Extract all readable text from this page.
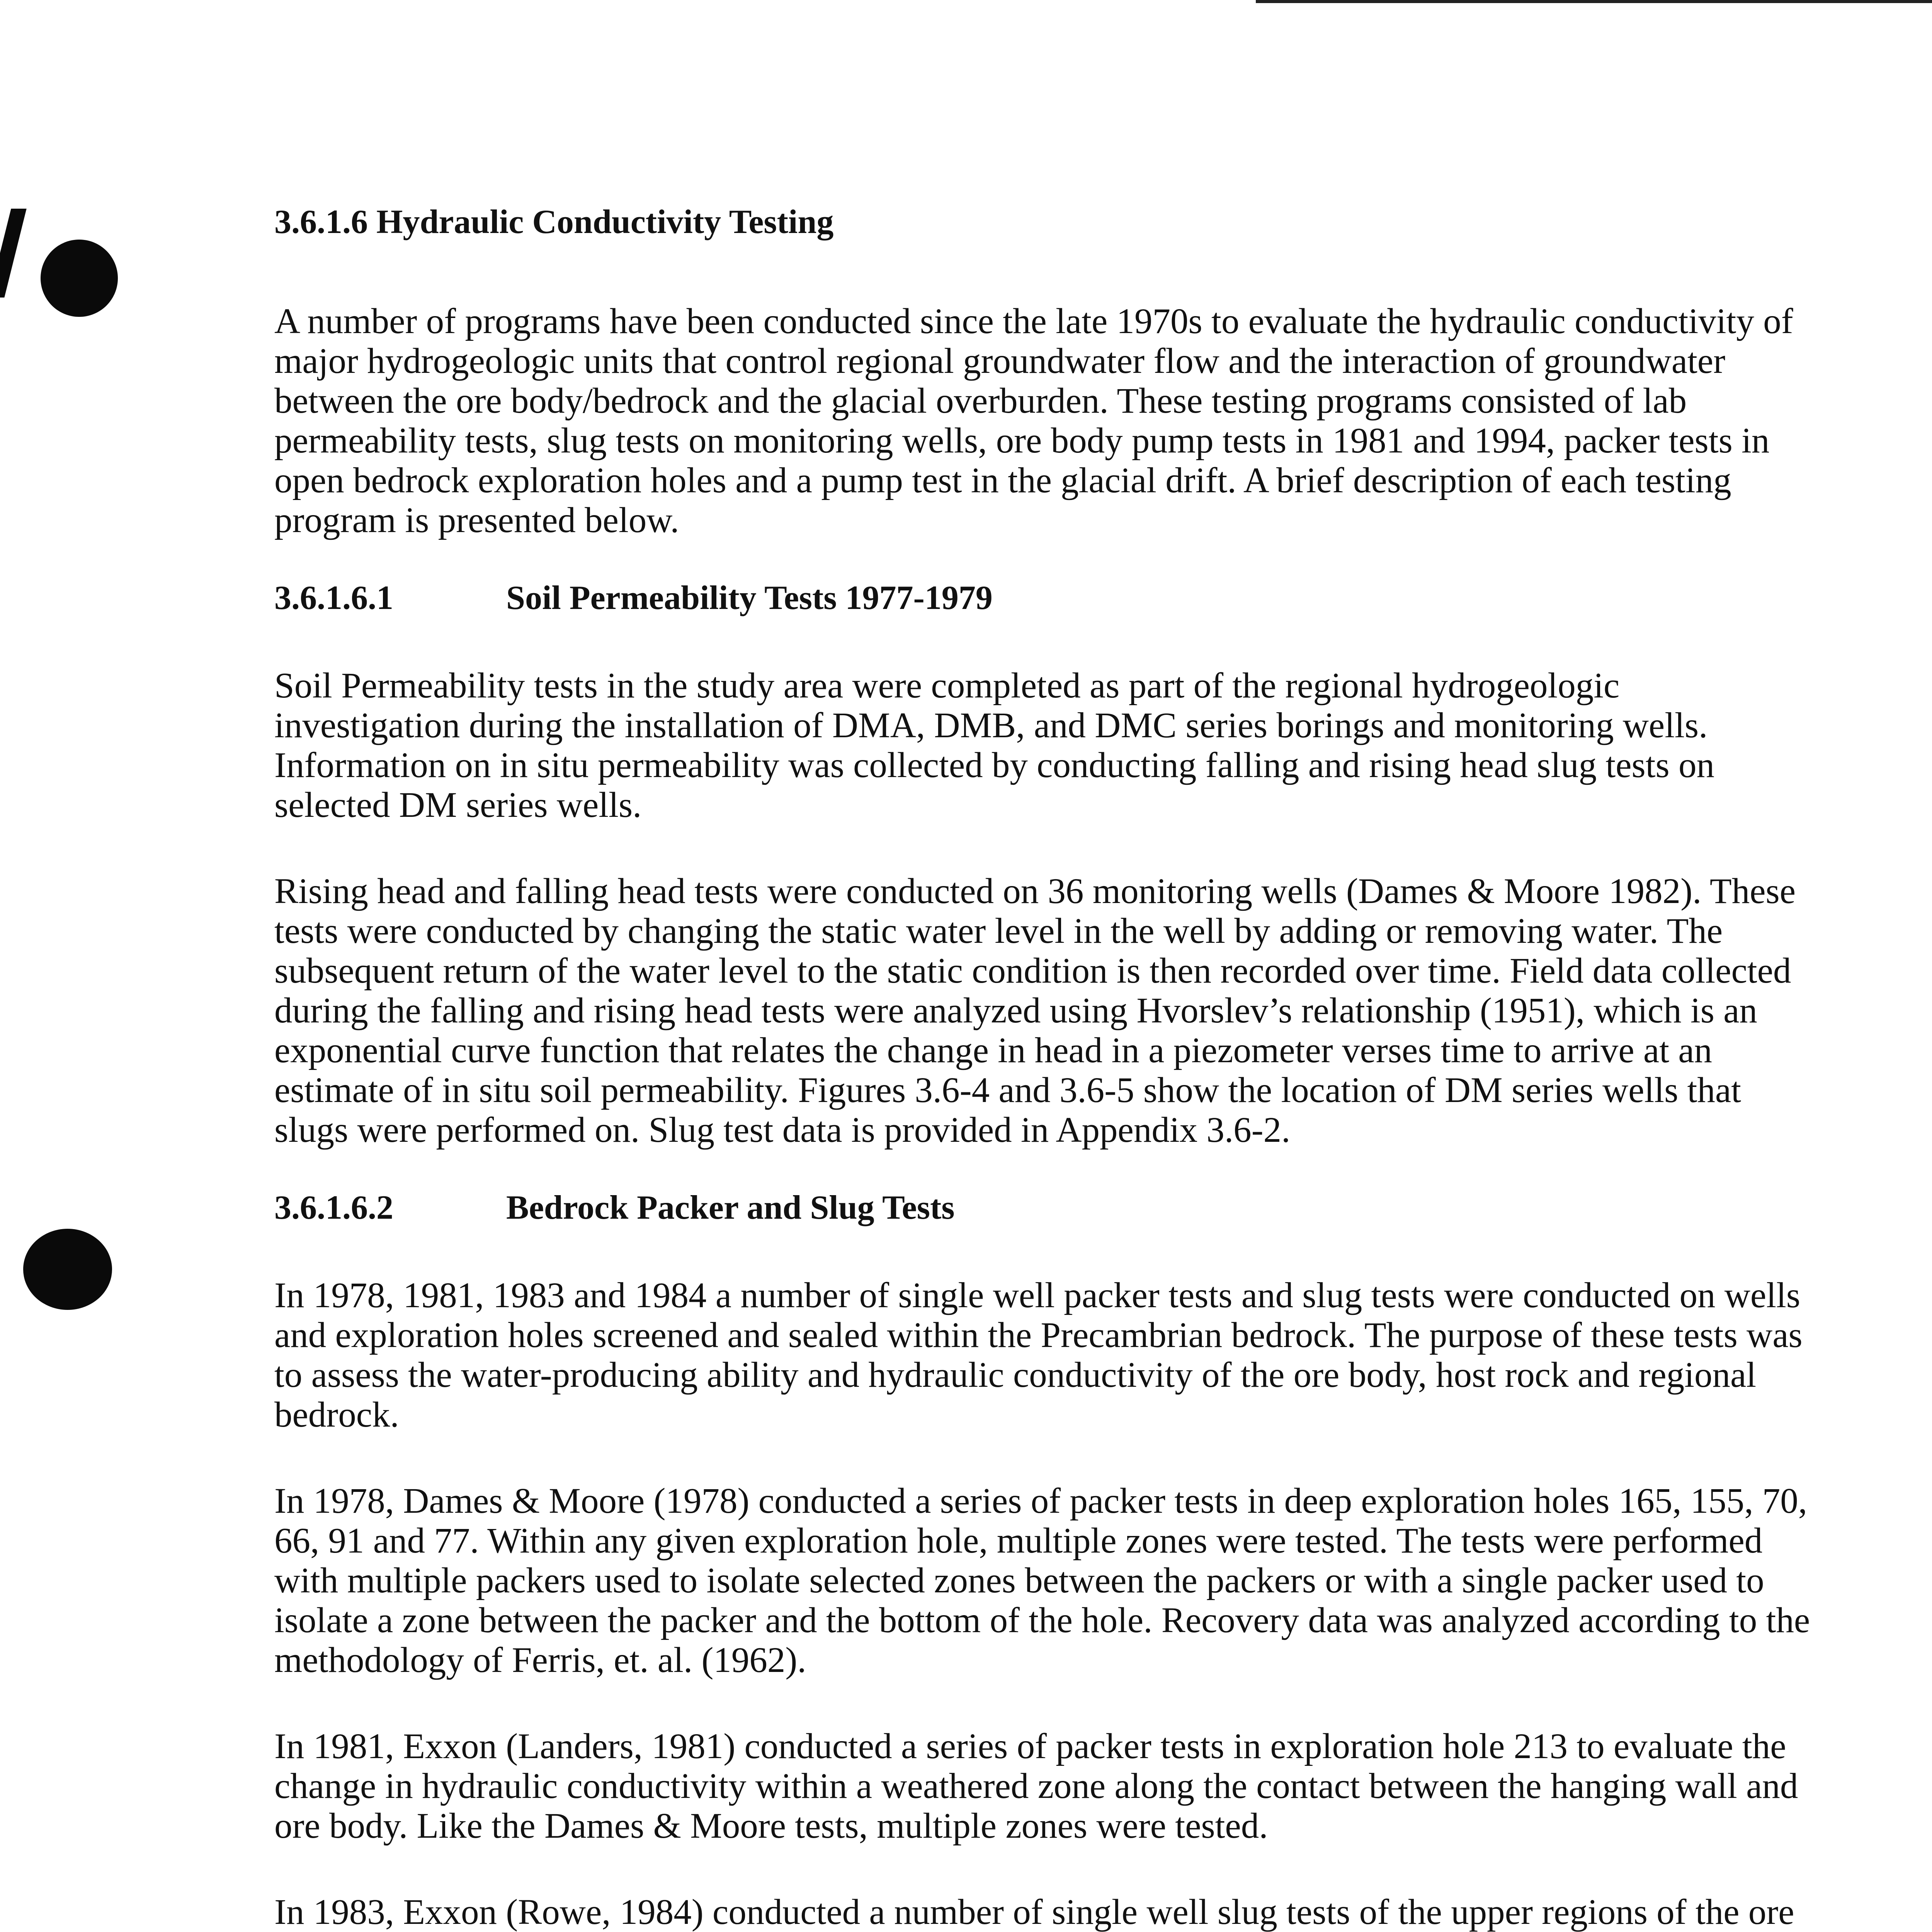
3.6.1.6 Hydraulic Conductivity Testing

A number of programs have been conducted since the late 1970s to evaluate the hydraulic conductivity of major hydrogeologic units that control regional groundwater flow and the interaction of groundwater between the ore body/bedrock and the glacial overburden. These testing programs consisted of lab permeability tests, slug tests on monitoring wells, ore body pump tests in 1981 and 1994, packer tests in open bedrock exploration holes and a pump test in the glacial drift. A brief description of each testing program is presented below.

3.6.1.6.1	Soil Permeability Tests 1977-1979

Soil Permeability tests in the study area were completed as part of the regional hydrogeologic investigation during the installation of DMA, DMB, and DMC series borings and monitoring wells. Information on in situ permeability was collected by conducting falling and rising head slug tests on selected DM series wells.

Rising head and falling head tests were conducted on 36 monitoring wells (Dames & Moore 1982). These tests were conducted by changing the static water level in the well by adding or removing water. The subsequent return of the water level to the static condition is then recorded over time. Field data collected during the falling and rising head tests were analyzed using Hvorslev’s relationship (1951), which is an exponential curve function that relates the change in head in a piezometer verses time to arrive at an estimate of in situ soil permeability. Figures 3.6-4 and 3.6-5 show the location of DM series wells that slugs were performed on. Slug test data is provided in Appendix 3.6-2.

3.6.1.6.2	Bedrock Packer and Slug Tests

In 1978, 1981, 1983 and 1984 a number of single well packer tests and slug tests were conducted on wells and exploration holes screened and sealed within the Precambrian bedrock. The purpose of these tests was to assess the water-producing ability and hydraulic conductivity of the ore body, host rock and regional bedrock.

In 1978, Dames & Moore (1978) conducted a series of packer tests in deep exploration holes 165, 155, 70, 66, 91 and 77. Within any given exploration hole, multiple zones were tested. The tests were performed with multiple packers used to isolate selected zones between the packers or with a single packer used to isolate a zone between the packer and the bottom of the hole. Recovery data was analyzed according to the methodology of Ferris, et. al. (1962).

In 1981, Exxon (Landers, 1981) conducted a series of packer tests in exploration hole 213 to evaluate the change in hydraulic conductivity within a weathered zone along the contact between the hanging wall and ore body. Like the Dames & Moore tests, multiple zones were tested.

In 1983, Exxon (Rowe, 1984) conducted a number of single well slug tests of the upper regions of the ore
